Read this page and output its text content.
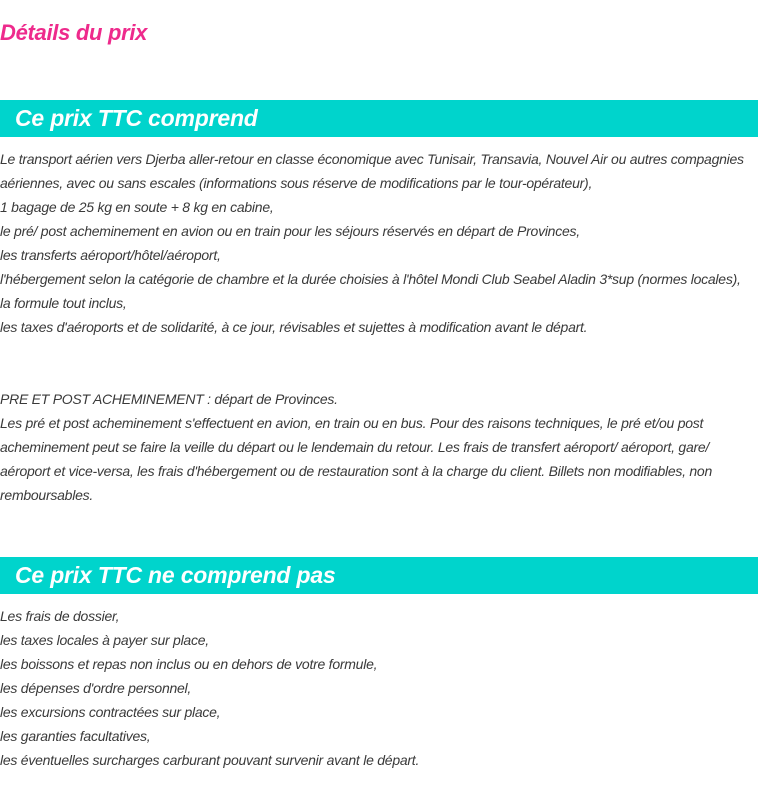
Détails du prix
Ce prix TTC comprend
Le transport aérien vers Djerba aller-retour en classe économique avec Tunisair, Transavia, Nouvel Air ou autres compagnies aériennes, avec ou sans escales (informations sous réserve de modifications par le tour-opérateur),
1 bagage de 25 kg en soute + 8 kg en cabine,
le pré/ post acheminement en avion ou en train pour les séjours réservés en départ de Provinces,
les transferts aéroport/hôtel/aéroport,
l'hébergement selon la catégorie de chambre et la durée choisies à l'hôtel Mondi Club Seabel Aladin 3*sup (normes locales),
la formule tout inclus,
les taxes d'aéroports et de solidarité, à ce jour, révisables et sujettes à modification avant le départ.
PRE ET POST ACHEMINEMENT : départ de Provinces.
Les pré et post acheminement s'effectuent en avion, en train ou en bus. Pour des raisons techniques, le pré et/ou post acheminement peut se faire la veille du départ ou le lendemain du retour. Les frais de transfert aéroport/ aéroport, gare/ aéroport et vice-versa, les frais d'hébergement ou de restauration sont à la charge du client. Billets non modifiables, non remboursables.
Ce prix TTC ne comprend pas
Les frais de dossier,
les taxes locales à payer sur place,
les boissons et repas non inclus ou en dehors de votre formule,
les dépenses d'ordre personnel,
les excursions contractées sur place,
les garanties facultatives,
les éventuelles surcharges carburant pouvant survenir avant le départ.
